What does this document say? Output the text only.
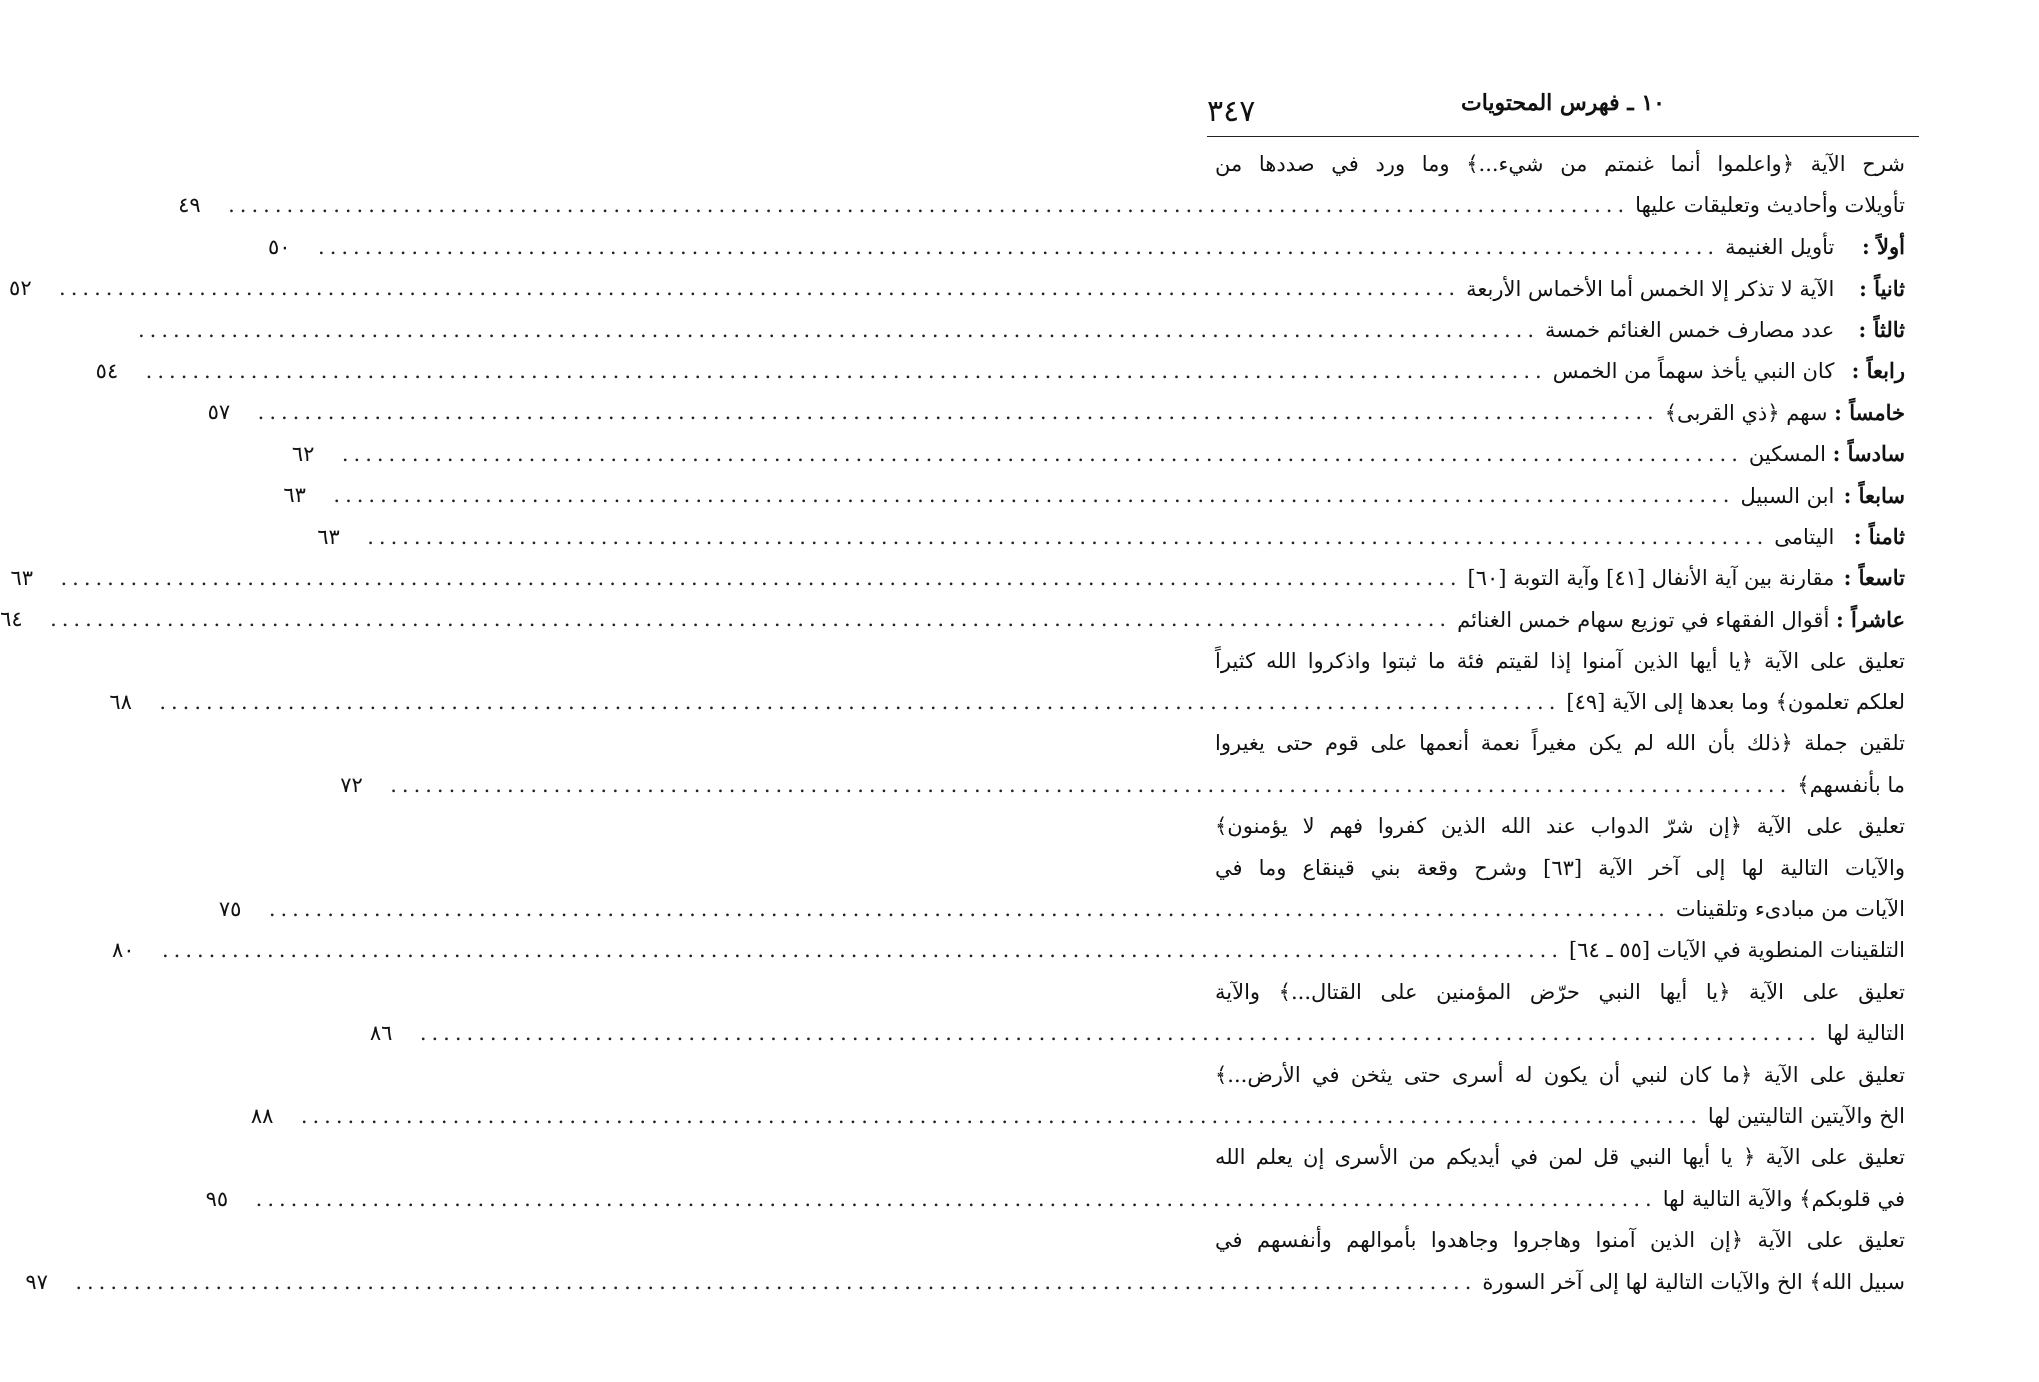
٣٤٧	١٠ ـ فهرس المحتويات
شرح الآية ﴿واعلموا أنما غنمتم من شيء...﴾ وما ورد في صددها من
تأويلات وأحاديث وتعليقات عليها
........................................................................................................................
٤٩
أولاً : تأويل الغنيمة
........................................................................................................................
٥٠
ثانياً : الآية لا تذكر إلا الخمس أما الأخماس الأربعة
........................................................................................................................
٥٢
ثالثاً : عدد مصارف خمس الغنائم خمسة
........................................................................................................................
رابعاً : كان النبي يأخذ سهماً من الخمس
........................................................................................................................
٥٤
خامساً : سهم ﴿ذي القربى﴾
........................................................................................................................
٥٧
سادساً : المسكين
........................................................................................................................
٦٢
سابعاً : ابن السبيل
........................................................................................................................
٦٣
ثامناً : اليتامى
........................................................................................................................
٦٣
تاسعاً : مقارنة بين آية الأنفال [٤١] وآية التوبة [٦٠]
........................................................................................................................
٦٣
عاشراً : أقوال الفقهاء في توزيع سهام خمس الغنائم
........................................................................................................................
٦٤
تعليق على الآية ﴿يا أيها الذين آمنوا إذا لقيتم فئة ما ثبتوا واذكروا الله كثيراً
لعلكم تعلمون﴾ وما بعدها إلى الآية [٤٩]
........................................................................................................................
٦٨
تلقين جملة ﴿ذلك بأن الله لم يكن مغيراً نعمة أنعمها على قوم حتى يغيروا
ما بأنفسهم﴾
........................................................................................................................
٧٢
تعليق على الآية ﴿إن شرّ الدواب عند الله الذين كفروا فهم لا يؤمنون﴾
والآيات التالية لها إلى آخر الآية [٦٣] وشرح وقعة بني قينقاع وما في
الآيات من مبادىء وتلقينات
........................................................................................................................
٧٥
التلقينات المنطوية في الآيات [٥٥ ـ ٦٤]
........................................................................................................................
٨٠
تعليق على الآية ﴿يا أيها النبي حرّض المؤمنين على القتال...﴾ والآية
التالية لها
........................................................................................................................
٨٦
تعليق على الآية ﴿ما كان لنبي أن يكون له أسرى حتى يثخن في الأرض...﴾
الخ والآيتين التاليتين لها
........................................................................................................................
٨٨
تعليق على الآية ﴿ يا أيها النبي قل لمن في أيديكم من الأسرى إن يعلم الله
في قلوبكم﴾ والآية التالية لها
........................................................................................................................
٩٥
تعليق على الآية ﴿إن الذين آمنوا وهاجروا وجاهدوا بأموالهم وأنفسهم في
سبيل الله﴾ الخ والآيات التالية لها إلى آخر السورة
........................................................................................................................
٩٧
